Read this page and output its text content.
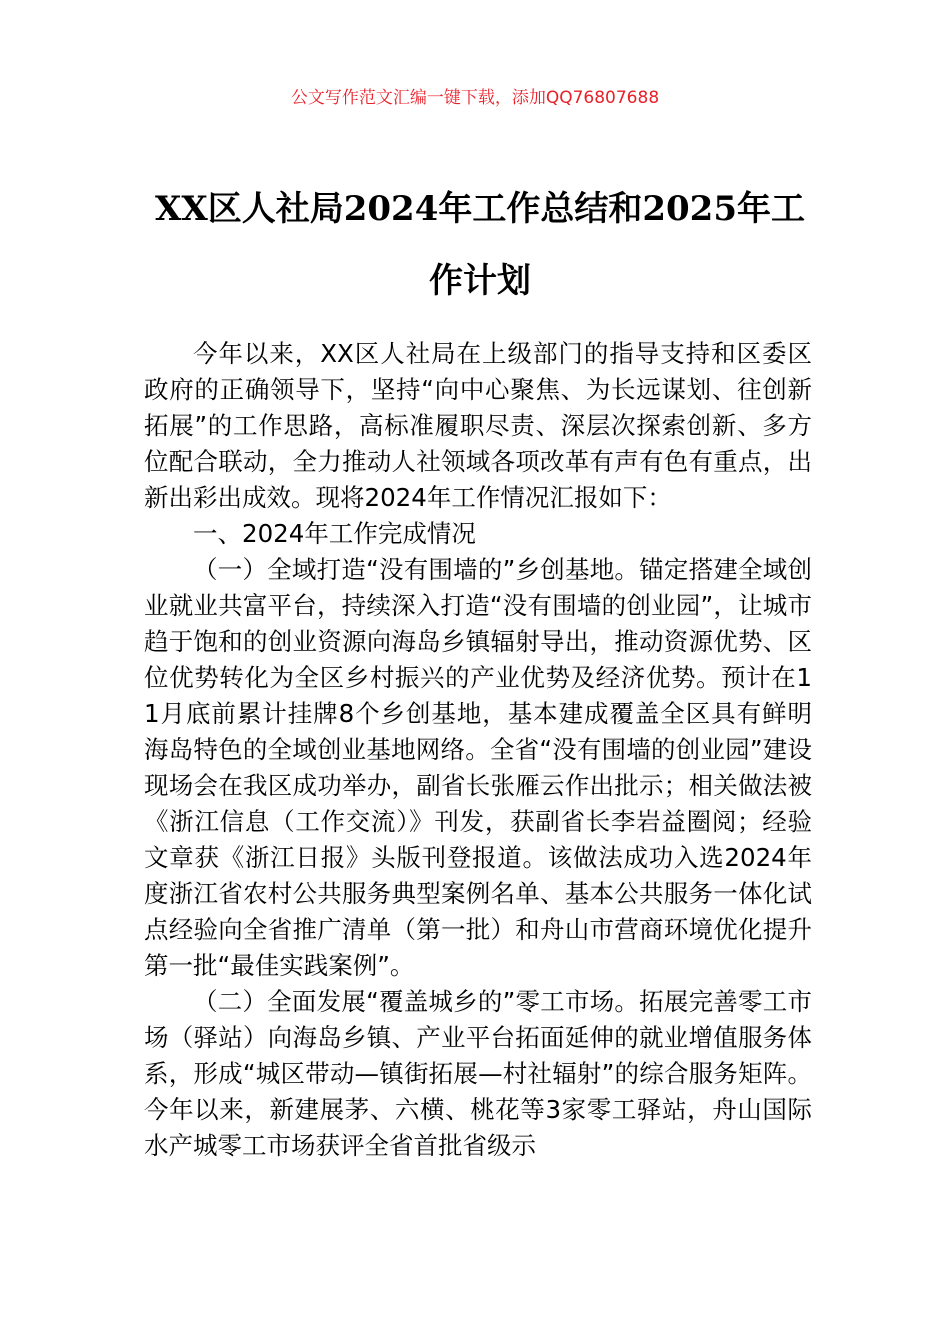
公文写作范文汇编一键下载，添加QQ76807688
XX区人社局2024年工作总结和2025年工作计划

今年以来，XX区人社局在上级部门的指导支持和区委区政府的正确领导下，坚持“向中心聚焦、为长远谋划、往创新拓展”的工作思路，高标准履职尽责、深层次探索创新、多方位配合联动，全力推动人社领域各项改革有声有色有重点，出新出彩出成效。现将2024年工作情况汇报如下：

一、2024年工作完成情况

（一）全域打造“没有围墙的”乡创基地。锚定搭建全域创业就业共富平台，持续深入打造“没有围墙的创业园”，让城市趋于饱和的创业资源向海岛乡镇辐射导出，推动资源优势、区位优势转化为全区乡村振兴的产业优势及经济优势。预计在11月底前累计挂牌8个乡创基地，基本建成覆盖全区具有鲜明海岛特色的全域创业基地网络。全省“没有围墙的创业园”建设现场会在我区成功举办，副省长张雁云作出批示；相关做法被《浙江信息（工作交流）》刊发，获副省长李岩益圈阅；经验文章获《浙江日报》头版刊登报道。该做法成功入选2024年度浙江省农村公共服务典型案例名单、基本公共服务一体化试点经验向全省推广清单（第一批）和舟山市营商环境优化提升第一批“最佳实践案例”。

（二）全面发展“覆盖城乡的”零工市场。拓展完善零工市场（驿站）向海岛乡镇、产业平台拓面延伸的就业增值服务体系，形成“城区带动—镇街拓展—村社辐射”的综合服务矩阵。今年以来，新建展茅、六横、桃花等3家零工驿站，舟山国际水产城零工市场获评全省首批省级示
